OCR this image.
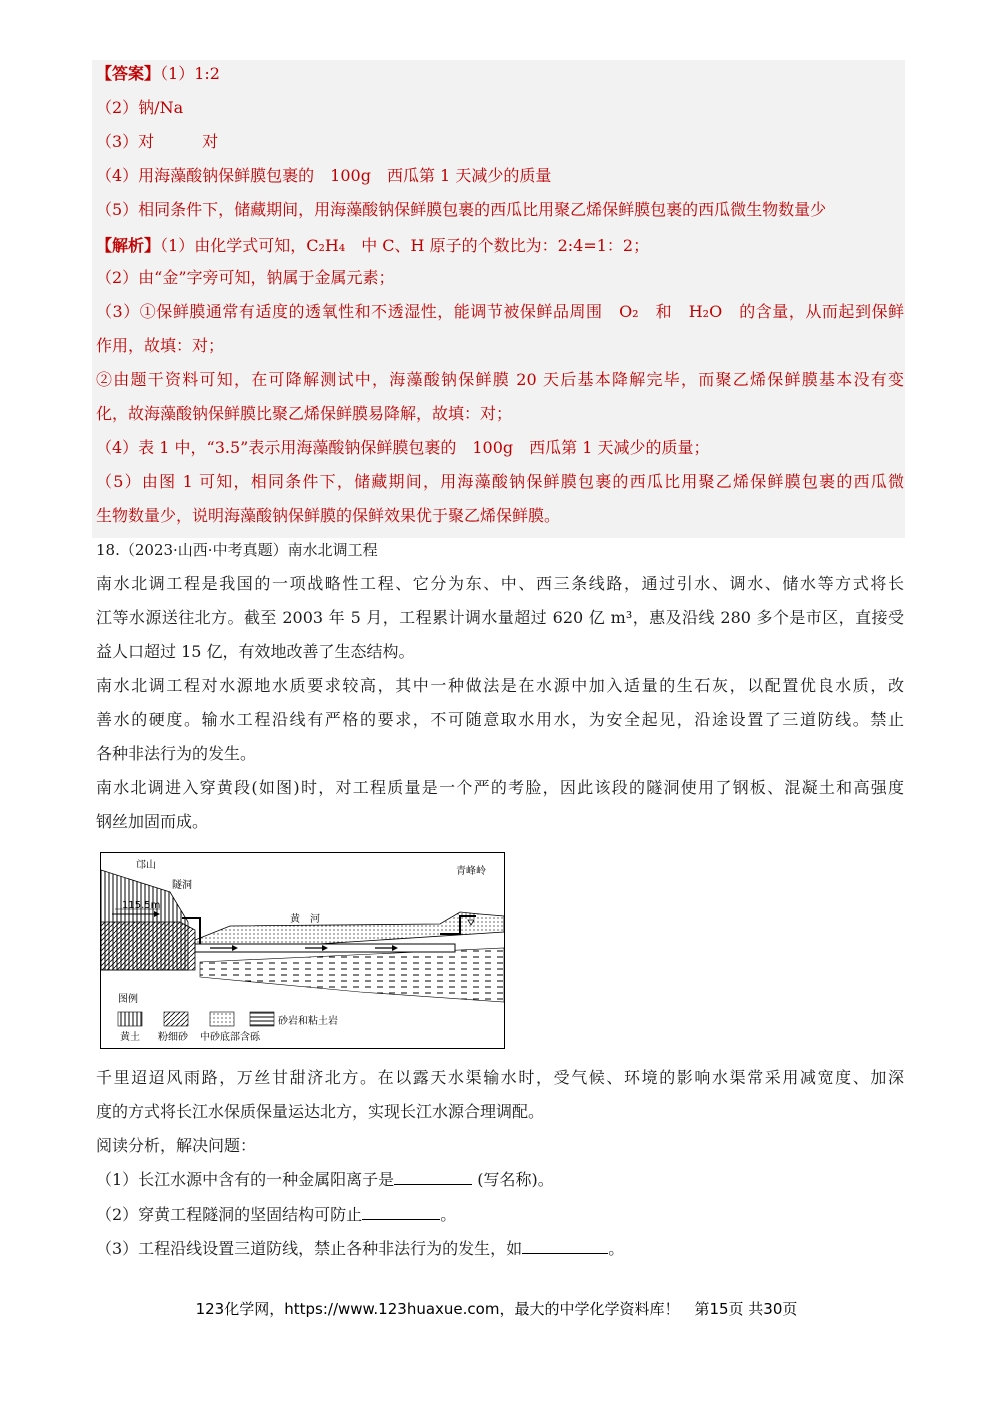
【答案】（1）1:2
（2）钠/Na
（3）对　　　对
（4）用海藻酸钠保鲜膜包裹的　100g　西瓜第 1 天减少的质量
（5）相同条件下，储藏期间，用海藻酸钠保鲜膜包裹的西瓜比用聚乙烯保鲜膜包裹的西瓜微生物数量少
【解析】（1）由化学式可知，C₂H₄　中 C、H 原子的个数比为：2:4=1：2；
（2）由“金”字旁可知，钠属于金属元素；
（3）①保鲜膜通常有适度的透氧性和不透湿性，能调节被保鲜品周围　O₂　和　H₂O　的含量，从而起到保鲜
作用，故填：对；
②由题干资料可知，在可降解测试中，海藻酸钠保鲜膜 20 天后基本降解完毕，而聚乙烯保鲜膜基本没有变
化，故海藻酸钠保鲜膜比聚乙烯保鲜膜易降解，故填：对；
（4）表 1 中，“3.5”表示用海藻酸钠保鲜膜包裹的　100g　西瓜第 1 天减少的质量；
（5）由图 1 可知，相同条件下，储藏期间，用海藻酸钠保鲜膜包裹的西瓜比用聚乙烯保鲜膜包裹的西瓜微
生物数量少，说明海藻酸钠保鲜膜的保鲜效果优于聚乙烯保鲜膜。
18.（2023·山西·中考真题）南水北调工程
南水北调工程是我国的一项战略性工程、它分为东、中、西三条线路，通过引水、调水、储水等方式将长
江等水源送往北方。截至 2003 年 5 月，工程累计调水量超过 620 亿 m³，惠及沿线 280 多个是市区，直接受
益人口超过 15 亿，有效地改善了生态结构。
南水北调工程对水源地水质要求较高，其中一种做法是在水源中加入适量的生石灰，以配置优良水质，改
善水的硬度。输水工程沿线有严格的要求，不可随意取水用水，为安全起见，沿途设置了三道防线。禁止
各种非法行为的发生。
南水北调进入穿黄段(如图)时，对工程质量是一个严的考脸，因此该段的隧洞使用了钢板、混凝土和高强度
钢丝加固而成。
邙山
隧洞
115.5m
黄　河
青峰岭
图例
黄土 粉细砂 中砂底部含砾
砂岩和粘土岩
千里迢迢风雨路，万丝甘甜济北方。在以露天水渠输水时，受气候、环境的影响水渠常采用减宽度、加深
度的方式将长江水保质保量运达北方，实现长江水源合理调配。
阅读分析，解决问题：
（1）长江水源中含有的一种金属阳离子是	(写名称)。
（2）穿黄工程隧洞的坚固结构可防止	。
（3）工程沿线设置三道防线，禁止各种非法行为的发生，如	。
123化学网，https://www.123huaxue.com，最大的中学化学资料库！　第15页 共30页
